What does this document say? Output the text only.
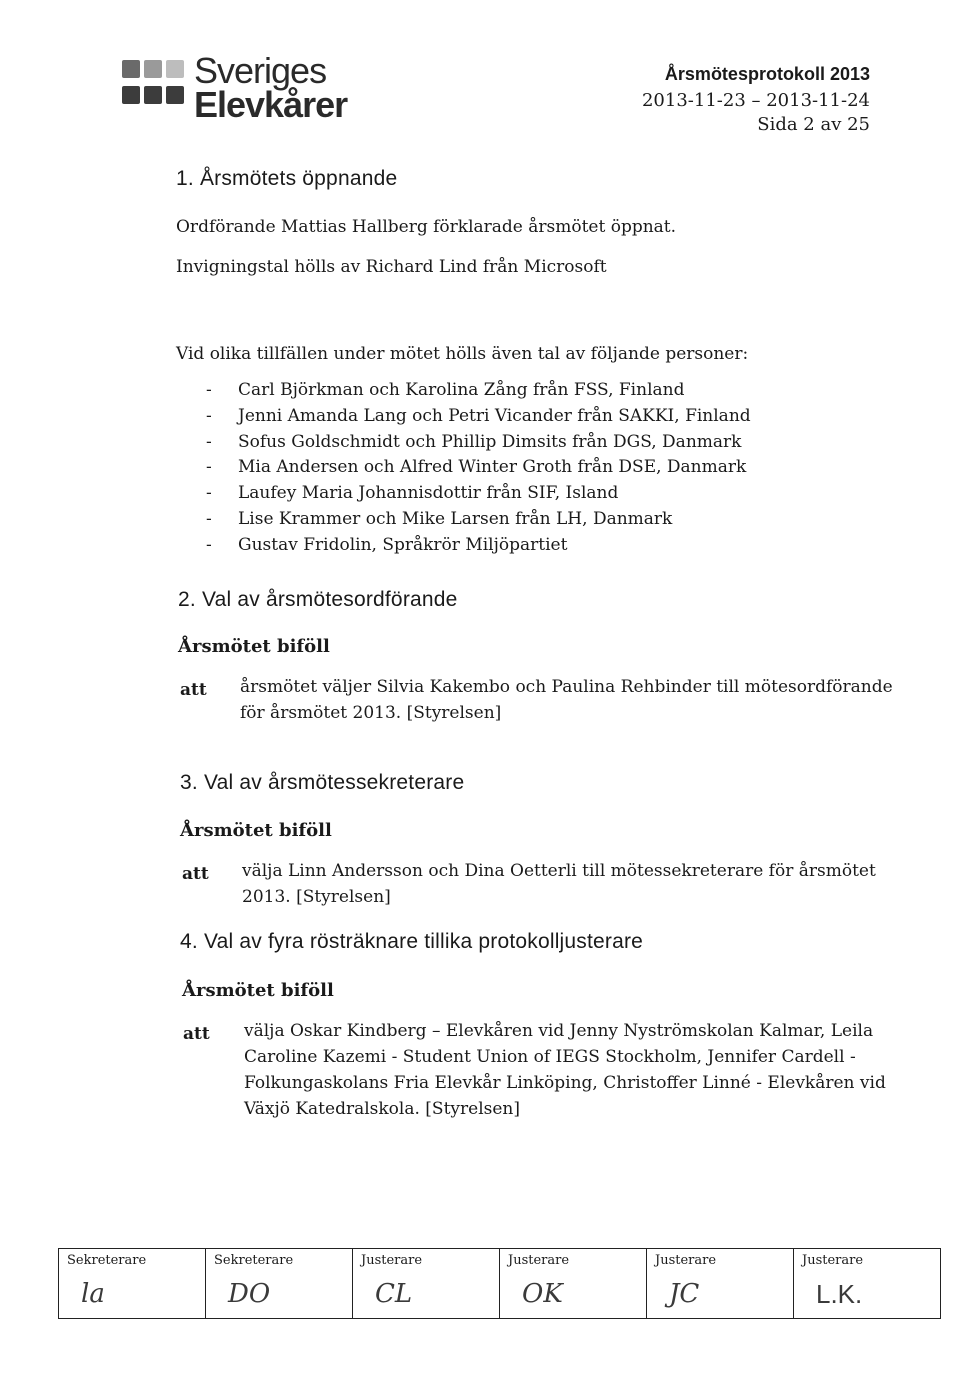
Sveriges
Elevkårer
Årsmötesprotokoll 2013
2013-11-23 – 2013-11-24
Sida 2 av 25
1. Årsmötets öppnande
Ordförande Mattias Hallberg förklarade årsmötet öppnat.
Invigningstal hölls av Richard Lind från Microsoft
Vid olika tillfällen under mötet hölls även tal av följande personer:
- Carl Björkman och Karolina Zång från FSS, Finland
- Jenni Amanda Lang och Petri Vicander från SAKKI, Finland
- Sofus Goldschmidt och Phillip Dimsits från DGS, Danmark
- Mia Andersen och Alfred Winter Groth från DSE, Danmark
- Laufey Maria Johannisdottir från SIF, Island
- Lise Krammer och Mike Larsen från LH, Danmark
- Gustav Fridolin, Språkrör Miljöpartiet
2. Val av årsmötesordförande
Årsmötet biföll
att årsmötet väljer Silvia Kakembo och Paulina Rehbinder till mötesordförande
för årsmötet 2013. [Styrelsen]
3. Val av årsmötessekreterare
Årsmötet biföll
att välja Linn Andersson och Dina Oetterli till mötessekreterare för årsmötet
2013. [Styrelsen]
4. Val av fyra rösträknare tillika protokolljusterare
Årsmötet biföll
att välja Oskar Kindberg – Elevkåren vid Jenny Nyströmskolan Kalmar, Leila
Caroline Kazemi - Student Union of IEGS Stockholm, Jennifer Cardell -
Folkungaskolans Fria Elevkår Linköping, Christoffer Linné - Elevkåren vid
Växjö Katedralskola. [Styrelsen]
Sekreterare
la

Sekreterare
DO

Justerare
CL

Justerare
OK

Justerare
JC

Justerare
L.K.
